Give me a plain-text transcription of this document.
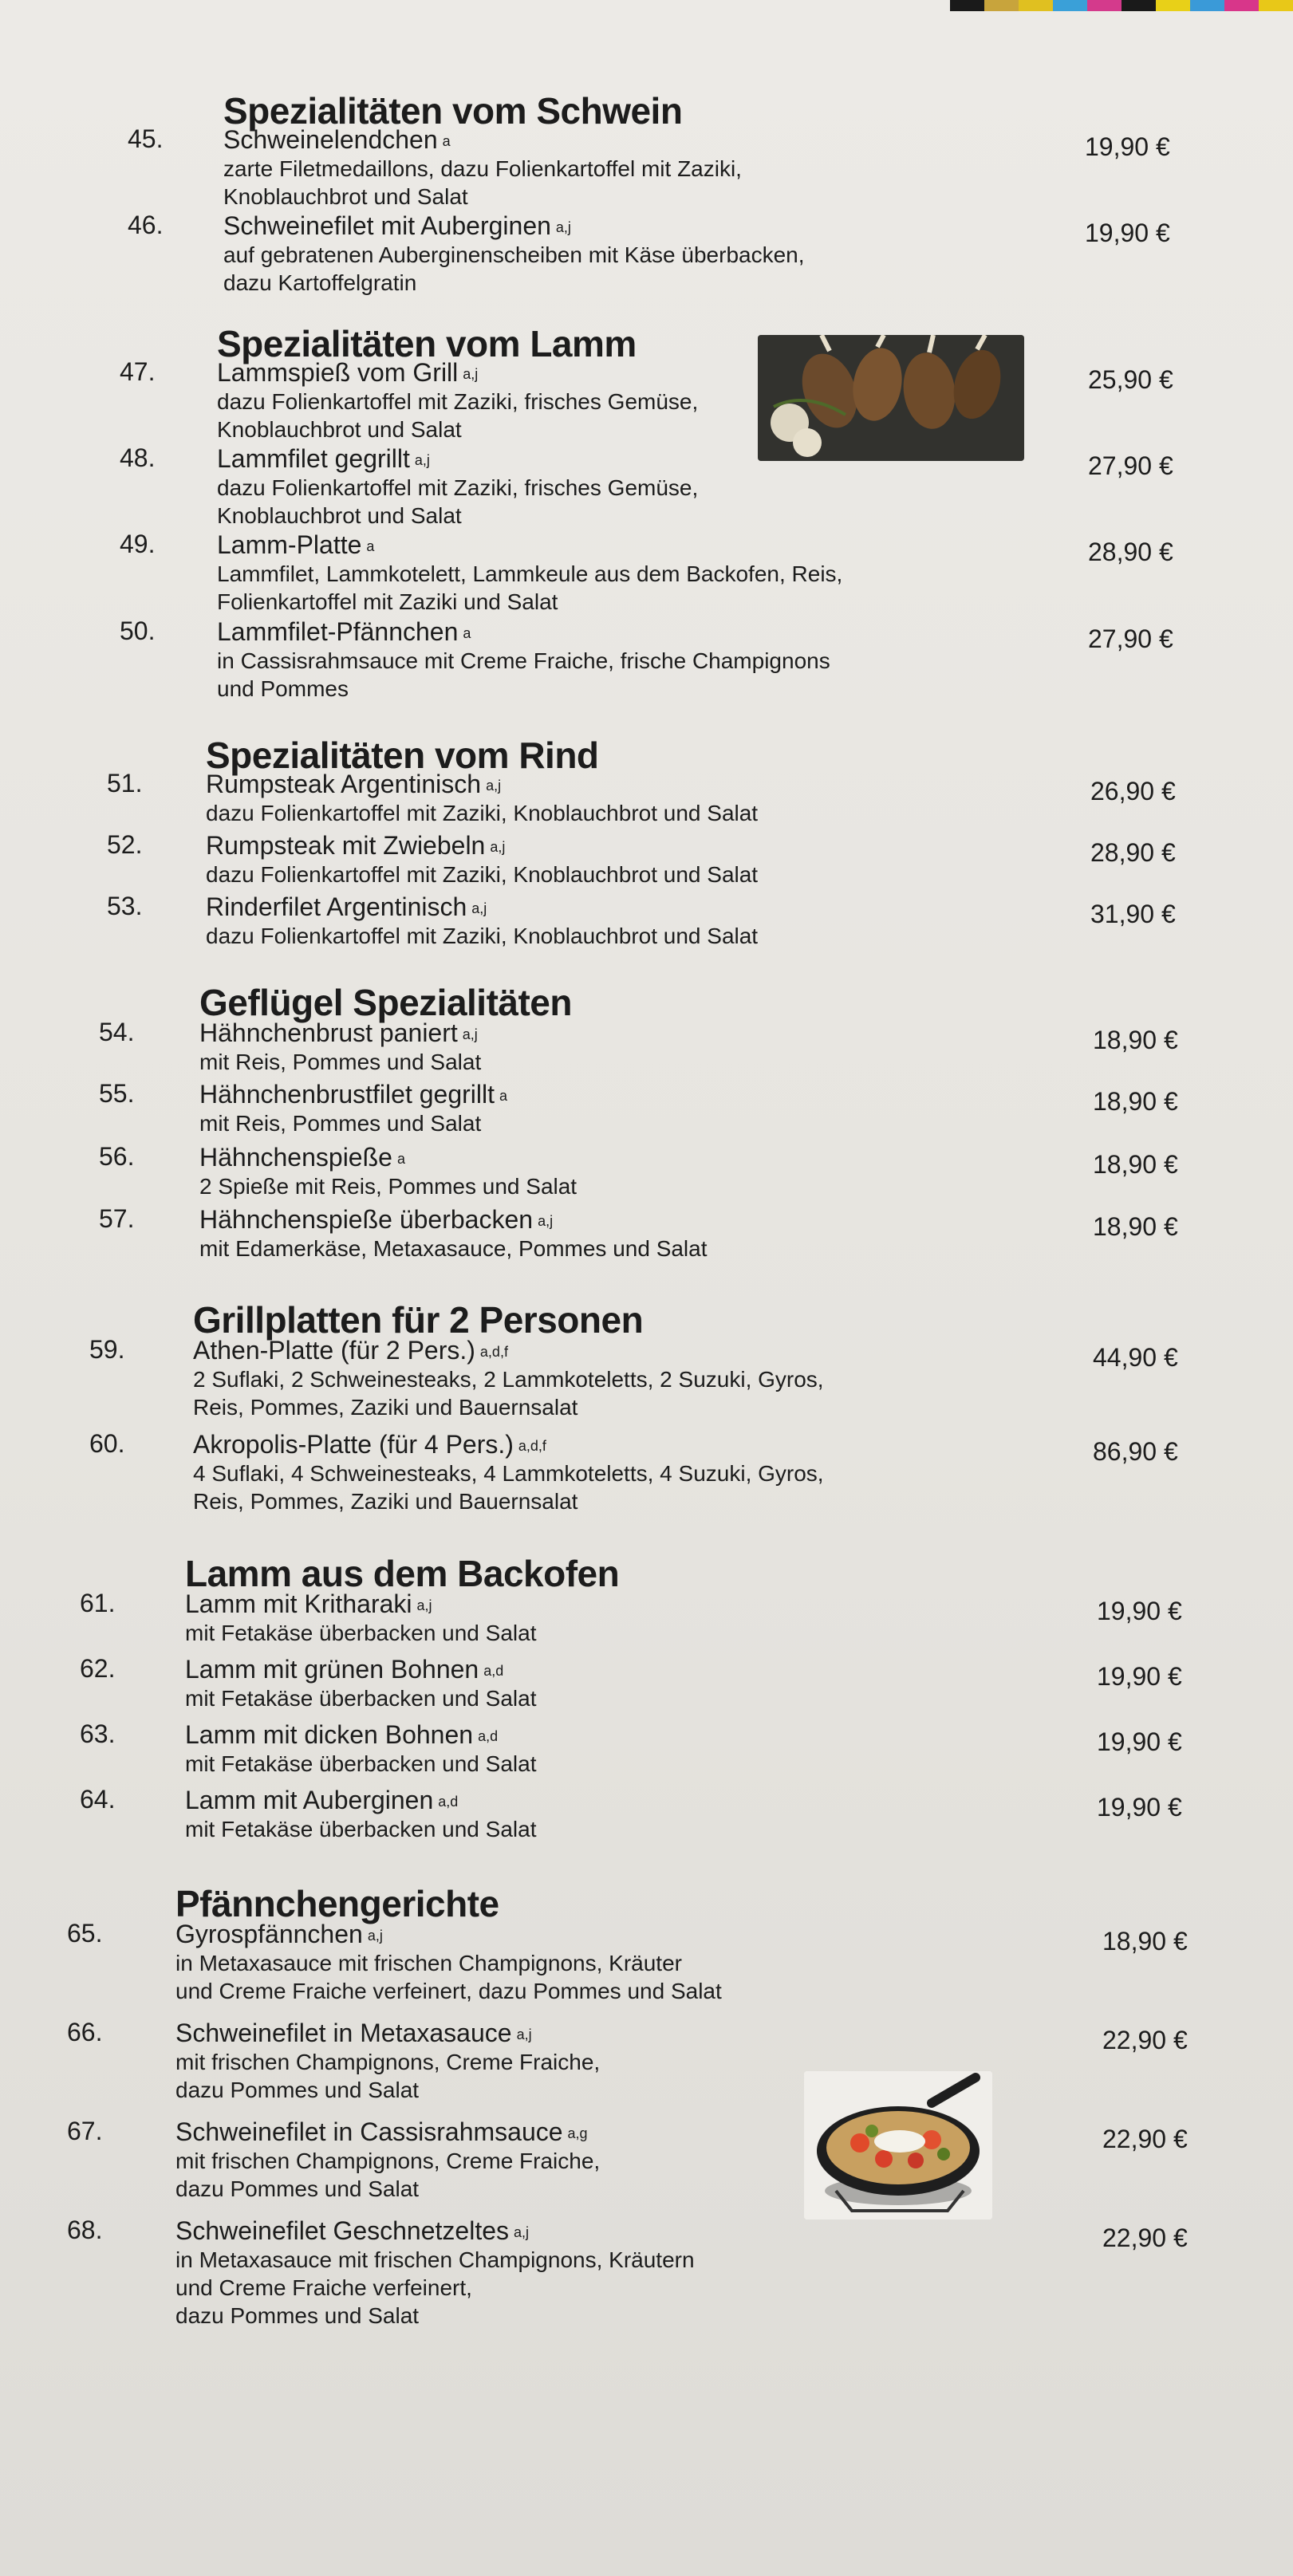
Spezialitäten vom Schwein
45. Schweinelendchen $^a$
zarte Filetmedaillons, dazu Folienkartoffel mit Zaziki,
Knoblauchbrot und Salat
19,90 €
46. Schweinefilet mit Auberginen $^{a,j}$
auf gebratenen Auberginenscheiben mit Käse überbacken,
dazu Kartoffelgratin
19,90 €
Spezialitäten vom Lamm
47. Lammspieß vom Grill $^{a,j}$
dazu Folienkartoffel mit Zaziki, frisches Gemüse,
Knoblauchbrot und Salat
25,90 €
48. Lammfilet gegrillt $^{a,j}$
dazu Folienkartoffel mit Zaziki, frisches Gemüse,
Knoblauchbrot und Salat
27,90 €
49. Lamm-Platte $^a$
Lammfilet, Lammkotelett, Lammkeule aus dem Backofen, Reis,
Folienkartoffel mit Zaziki und Salat
28,90 €
50. Lammfilet-Pfännchen $^a$
in Cassisrahmsauce mit Creme Fraiche, frische Champignons
und Pommes
27,90 €
Spezialitäten vom Rind
51. Rumpsteak Argentinisch $^{a,j}$
dazu Folienkartoffel mit Zaziki, Knoblauchbrot und Salat
26,90 €
52. Rumpsteak mit Zwiebeln $^{a,j}$
dazu Folienkartoffel mit Zaziki, Knoblauchbrot und Salat
28,90 €
53. Rinderfilet Argentinisch $^{a,j}$
dazu Folienkartoffel mit Zaziki, Knoblauchbrot und Salat
31,90 €
Geflügel Spezialitäten
54.	Hähnchenbrust paniert $^{a,j}$
mit Reis, Pommes und Salat
18,90 €
55.	Hähnchenbrustfilet gegrillt $^a$
mit Reis, Pommes und Salat
18,90 €
56.	Hähnchenspieße $^a$
2 Spieße mit Reis, Pommes und Salat
18,90 €
57.	Hähnchenspieße überbacken $^{a,j}$
mit Edamerkäse, Metaxasauce, Pommes und Salat
18,90 €
Grillplatten für 2 Personen
59.	Athen-Platte (für 2 Pers.) $^{a,d,f}$
2 Suflaki, 2 Schweinesteaks, 2 Lammkoteletts, 2 Suzuki, Gyros,
Reis, Pommes, Zaziki und Bauernsalat
44,90 €
60.	Akropolis-Platte (für 4 Pers.) $^{a,d,f}$
4 Suflaki, 4 Schweinesteaks, 4 Lammkoteletts, 4 Suzuki, Gyros,
Reis, Pommes, Zaziki und Bauernsalat
86,90 €
Lamm aus dem Backofen
61.	Lamm mit Kritharaki $^{a,j}$
mit Fetakäse überbacken und Salat
19,90 €
62.	Lamm mit grünen Bohnen $^{a,d}$
mit Fetakäse überbacken und Salat
19,90 €
63.	Lamm mit dicken Bohnen $^{a,d}$
mit Fetakäse überbacken und Salat
19,90 €
64.	Lamm mit Auberginen $^{a,d}$
mit Fetakäse überbacken und Salat
19,90 €
Pfännchengerichte
65.	Gyrospfännchen $^{a,j}$
in Metaxasauce mit frischen Champignons, Kräuter
und Creme Fraiche verfeinert, dazu Pommes und Salat
18,90 €
66.	Schweinefilet in Metaxasauce $^{a,j}$
mit frischen Champignons, Creme Fraiche,
dazu Pommes und Salat
22,90 €
67.	Schweinefilet in Cassisrahmsauce $^{a,g}$
mit frischen Champignons, Creme Fraiche,
dazu Pommes und Salat
22,90 €
68.	Schweinefilet Geschnetzeltes $^{a,j}$
in Metaxasauce mit frischen Champignons, Kräutern
und Creme Fraiche verfeinert,
dazu Pommes und Salat
22,90 €
